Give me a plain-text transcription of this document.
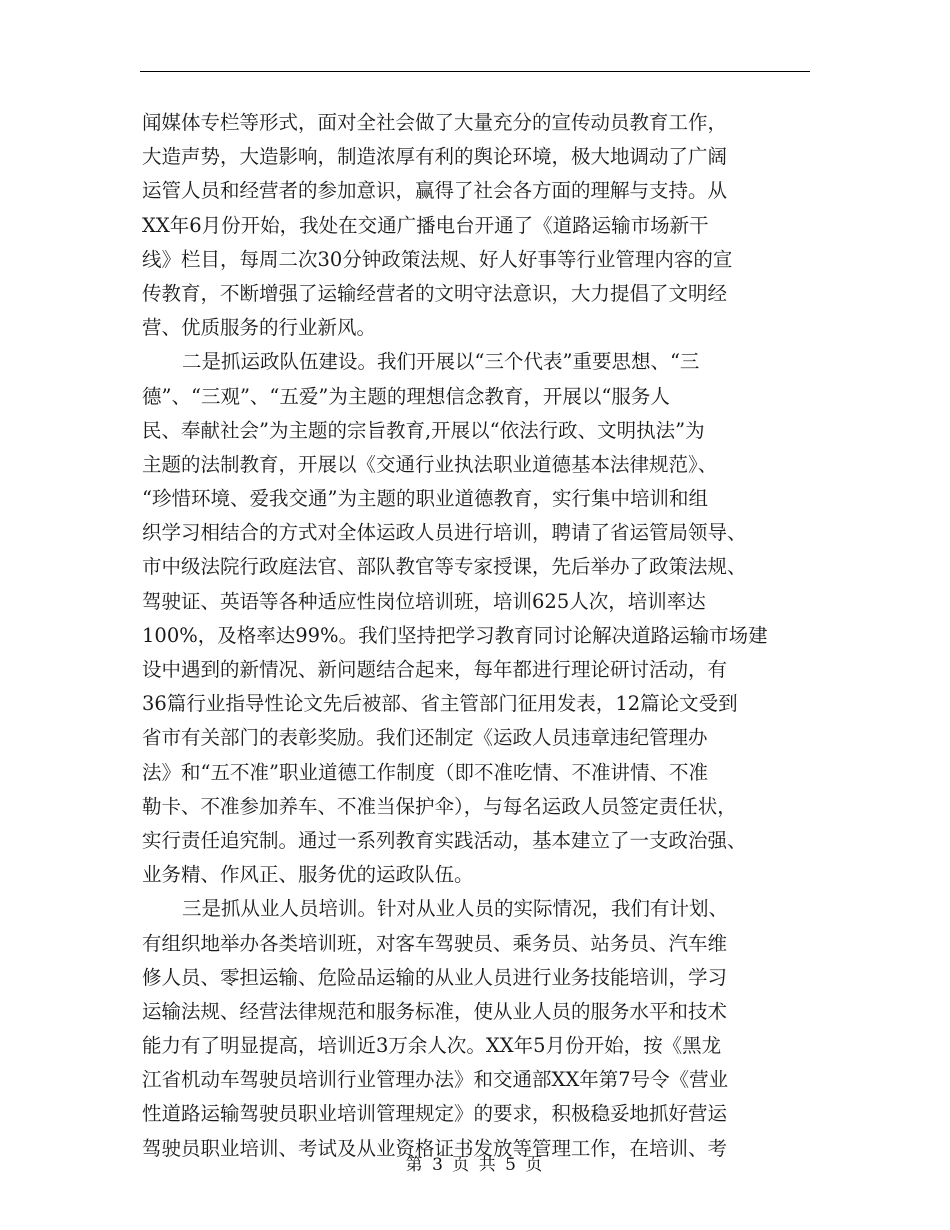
闻媒体专栏等形式，面对全社会做了大量充分的宣传动员教育工作，
大造声势，大造影响，制造浓厚有利的舆论环境，极大地调动了广阔
运管人员和经营者的参加意识，赢得了社会各方面的理解与支持。从
XX年6月份开始，我处在交通广播电台开通了《道路运输市场新干
线》栏目，每周二次30分钟政策法规、好人好事等行业管理内容的宣
传教育，不断增强了运输经营者的文明守法意识，大力提倡了文明经
营、优质服务的行业新风。
二是抓运政队伍建设。我们开展以“三个代表”重要思想、“三
德”、“三观”、“五爱”为主题的理想信念教育，开展以“服务人
民、奉献社会”为主题的宗旨教育,开展以“依法行政、文明执法”为
主题的法制教育，开展以《交通行业执法职业道德基本法律规范》、
“珍惜环境、爱我交通”为主题的职业道德教育，实行集中培训和组
织学习相结合的方式对全体运政人员进行培训，聘请了省运管局领导、
市中级法院行政庭法官、部队教官等专家授课，先后举办了政策法规、
驾驶证、英语等各种适应性岗位培训班，培训625人次，培训率达
100%，及格率达99%。我们坚持把学习教育同讨论解决道路运输市场建
设中遇到的新情况、新问题结合起来，每年都进行理论研讨活动，有
36篇行业指导性论文先后被部、省主管部门征用发表，12篇论文受到
省市有关部门的表彰奖励。我们还制定《运政人员违章违纪管理办
法》和“五不准”职业道德工作制度（即不准吃情、不准讲情、不准
勒卡、不准参加养车、不准当保护伞），与每名运政人员签定责任状，
实行责任追究制。通过一系列教育实践活动，基本建立了一支政治强、
业务精、作风正、服务优的运政队伍。
三是抓从业人员培训。针对从业人员的实际情况，我们有计划、
有组织地举办各类培训班，对客车驾驶员、乘务员、站务员、汽车维
修人员、零担运输、危险品运输的从业人员进行业务技能培训，学习
运输法规、经营法律规范和服务标准，使从业人员的服务水平和技术
能力有了明显提高，培训近3万余人次。XX年5月份开始，按《黑龙
江省机动车驾驶员培训行业管理办法》和交通部XX年第7号令《营业
性道路运输驾驶员职业培训管理规定》的要求，积极稳妥地抓好营运
驾驶员职业培训、考试及从业资格证书发放等管理工作，在培训、考
第 3 页 共 5 页
